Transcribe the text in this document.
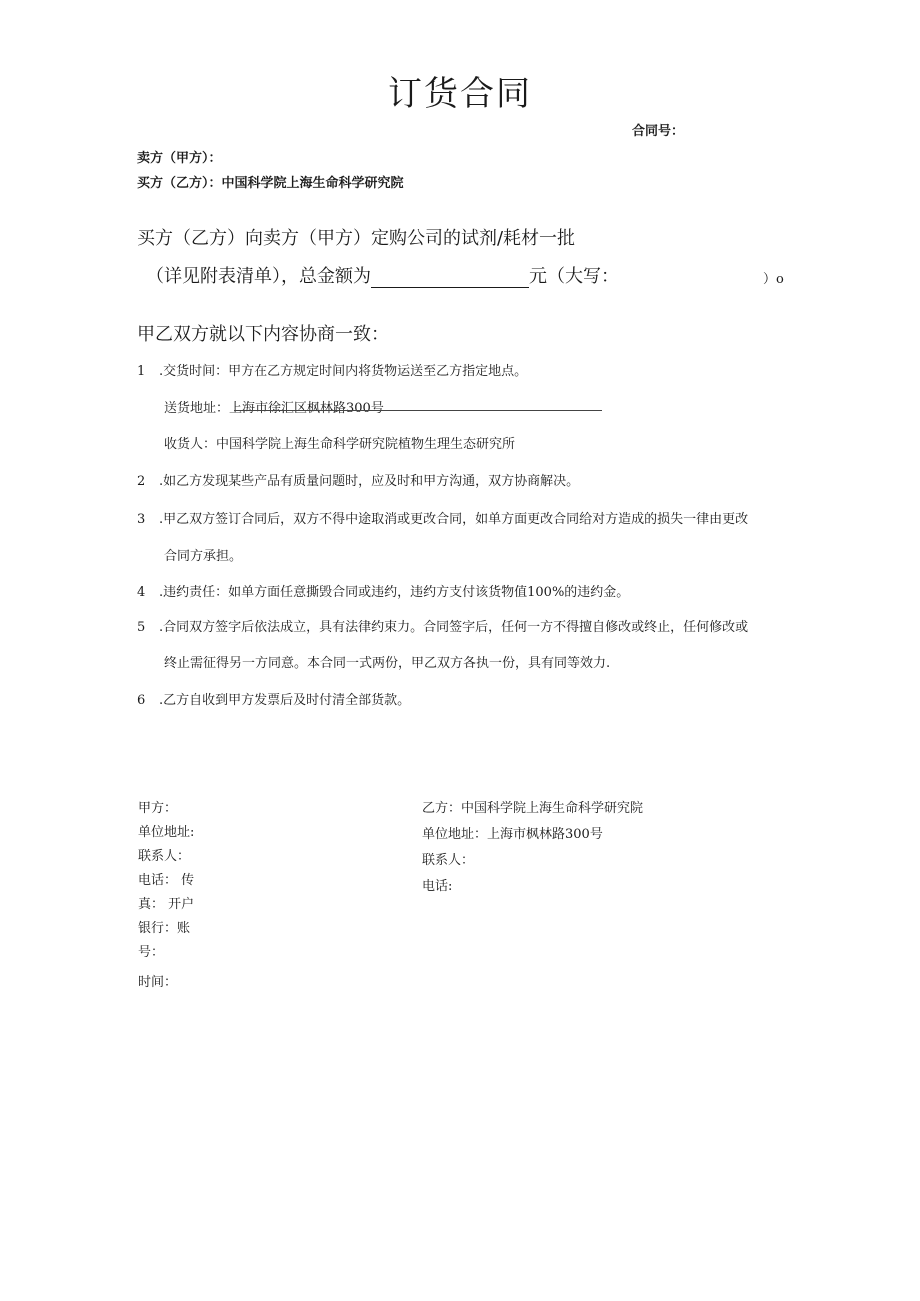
订货合同
合同号：
卖方（甲方）：
买方（乙方）：中国科学院上海生命科学研究院
买方（乙方）向卖方（甲方）定购公司的试剂/耗材一批
（详见附表清单），总金额为	元（大写：	）o
甲乙双方就以下内容协商一致：
1 .交货时间：甲方在乙方规定时间内将货物运送至乙方指定地点。
送货地址：上海市徐汇区枫林路300号
收货人：中国科学院上海生命科学研究院植物生理生态研究所
2 .如乙方发现某些产品有质量问题时，应及时和甲方沟通，双方协商解决。
3 .甲乙双方签订合同后，双方不得中途取消或更改合同，如单方面更改合同给对方造成的损失一律由更改
合同方承担。
4 .违约责任：如单方面任意撕毁合同或违约，违约方支付该货物值100%的违约金。
5 .合同双方签字后依法成立，具有法律约束力。合同签字后，任何一方不得擅自修改或终止，任何修改或
终止需征得另一方同意。本合同一式两份，甲乙双方各执一份，具有同等效力.
6 .乙方自收到甲方发票后及时付清全部货款。
甲方：
单位地址:
联系人：
电话： 传
真： 开户
银行：账
号：
时间：
乙方：中国科学院上海生命科学研究院
单位地址：上海市枫林路300号
联系人：
电话:
